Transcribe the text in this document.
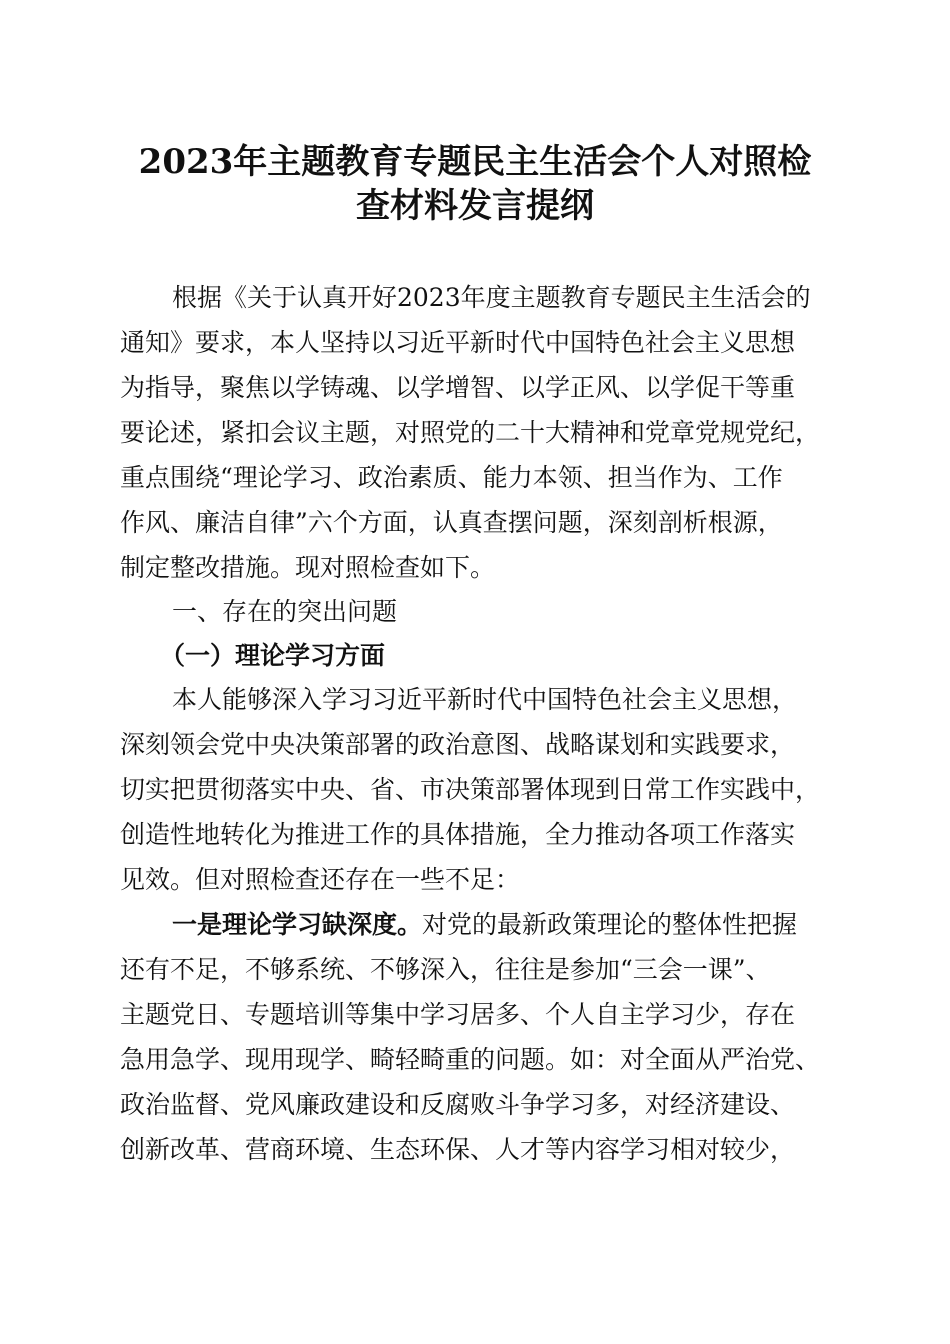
2023年主题教育专题民主生活会个人对照检
查材料发言提纲

根据《关于认真开好2023年度主题教育专题民主生活会的

通知》要求，本人坚持以习近平新时代中国特色社会主义思想

为指导，聚焦以学铸魂、以学增智、以学正风、以学促干等重

要论述，紧扣会议主题，对照党的二十大精神和党章党规党纪，

重点围绕“理论学习、政治素质、能力本领、担当作为、工作

作风、廉洁自律”六个方面，认真查摆问题，深刻剖析根源，

制定整改措施。现对照检查如下。

一、存在的突出问题

（一）理论学习方面

本人能够深入学习习近平新时代中国特色社会主义思想，

深刻领会党中央决策部署的政治意图、战略谋划和实践要求，

切实把贯彻落实中央、省、市决策部署体现到日常工作实践中，

创造性地转化为推进工作的具体措施，全力推动各项工作落实

见效。但对照检查还存在一些不足：

一是理论学习缺深度。对党的最新政策理论的整体性把握

还有不足，不够系统、不够深入，往往是参加“三会一课”、

主题党日、专题培训等集中学习居多、个人自主学习少，存在

急用急学、现用现学、畸轻畸重的问题。如：对全面从严治党、

政治监督、党风廉政建设和反腐败斗争学习多，对经济建设、

创新改革、营商环境、生态环保、人才等内容学习相对较少，
